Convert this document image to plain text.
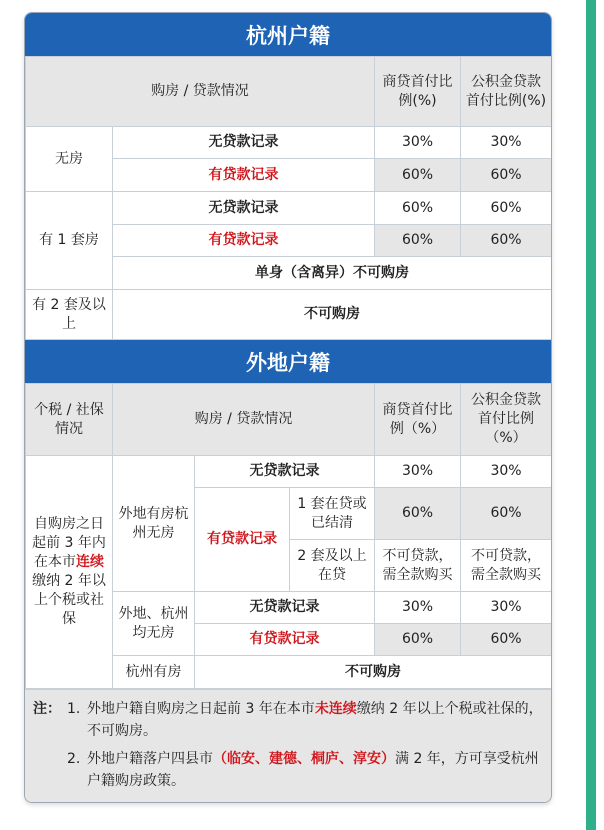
杭州户籍
购房 / 贷款情况		商贷首付比例(%)	公积金贷款首付比例(%)
无房	无贷款记录	30%	30%
	有贷款记录	60%	60%
有 1 套房	无贷款记录	60%	60%
	有贷款记录	60%	60%
	单身（含离异）不可购房		
有 2 套及以上	不可购房		
外地户籍
个税 / 社保情况	购房 / 贷款情况			商贷首付比例（%）	公积金贷款首付比例（%）
自购房之日起前 3 年内在本市连续缴纳 2 年以上个税或社保	外地有房杭州无房	无贷款记录		30%	30%
		有贷款记录	1 套在贷或已结清	60%	60%
			2 套及以上在贷	不可贷款，需全款购买	不可贷款，需全款购买
	外地、杭州均无房	无贷款记录		30%	30%
		有贷款记录		60%	60%
	杭州有房	不可购房			
注： 1. 外地户籍自购房之日起前 3 年在本市未连续缴纳 2 年以上个税或社保的，不可购房。
2. 外地户籍落户四县市（临安、建德、桐庐、淳安）满 2 年，方可享受杭州户籍购房政策。
